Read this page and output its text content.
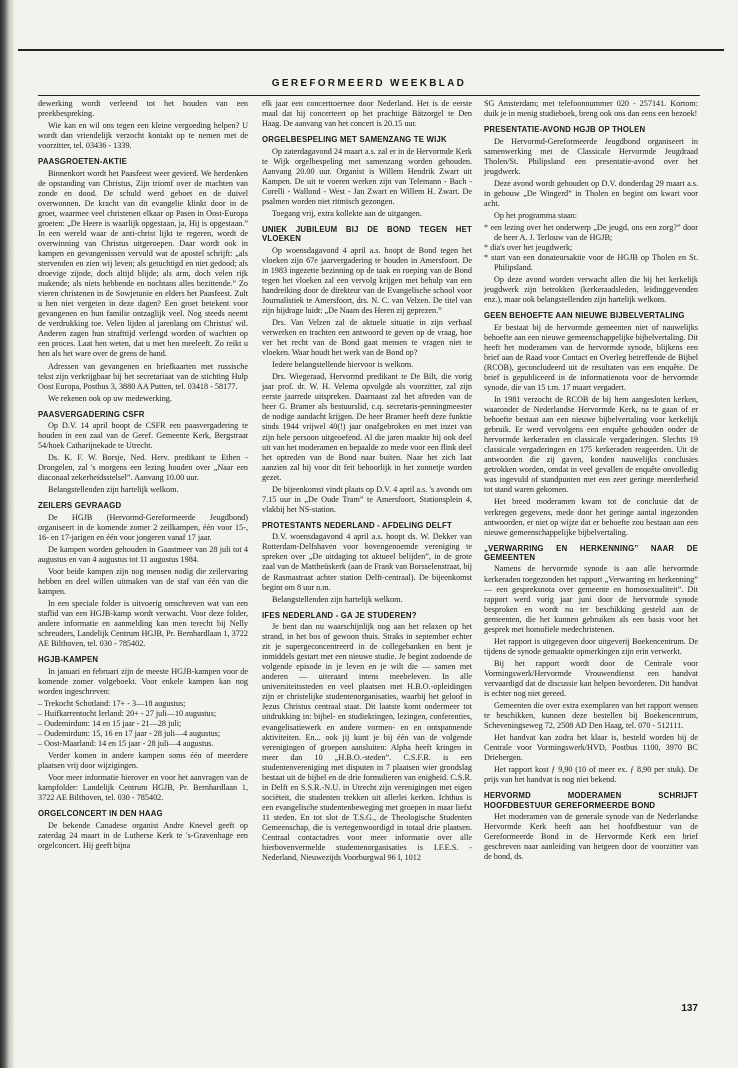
GEREFORMEERD WEEKBLAD

dewerking wordt verleend tot het houden van een preekbespreking.

Wie kan en wil ons tegen een kleine vergoeding helpen? U wordt dan vriendelijk verzocht kontakt op te nemen met de voorzitter, tel. 03436 - 1339.

PAASGROETEN-AKTIE

Binnenkort wordt het Paasfeest weer gevierd. We herdenken de opstanding van Christus, Zijn triomf over de machten van zonde en dood. De schuld werd geboet en de duivel overwonnen. De kracht van dit evangelie klinkt door in de groet, waarmee veel christenen elkaar op Pasen in Oost-Europa groeten: „De Heere is waarlijk opgestaan, ja, Hij is opgestaan.” In een wereld waar de anti-christ lijkt te regeren, wordt de overwinning van Christus uitgeroepen. Daar wordt ook in kampen en gevangenissen vervuld wat de apostel schrijft: „als stervenden en zien wij leven; als getuchtigd en niet gedood; als droevige zijnde, doch altijd blijde; als arm, doch velen rijk makende; als niets hebbende en nochtans alles bezittende.” Zo vieren christenen in de Sowjetunie en elders het Paasfeest. Zult u hen niet vergeten in deze dagen? Een groet betekent voor gevangenen en hun familie ontzaglijk veel. Nog steeds neemt de verdrukking toe. Velen lijden al jarenlang om Christus' wil. Anderen zagen hun strafttijd verlengd worden of wachten op een proces. Laat hen weten, dat u met hen meeleeft. Zo reikt u hen als het ware over de grens de hand.

Adressen van gevangenen en briefkaarten met russische tekst zijn verkrijgbaar bij het secretariaat van de stichting Hulp Oost Europa, Postbus 3, 3880 AA Putten, tel. 03418 - 58177.

We rekenen ook op uw medewerking.

PAASVERGADERING CSFR

Op D.V. 14 april hoopt de CSFR een paasvergadering te houden in een zaal van de Geref. Gemeente Kerk, Bergstraat 54/hoek Catharijnekade te Utrecht.

Ds. K. F. W. Borsje, Ned. Herv. predikant te Ethen - Drongelen, zal 's morgens een lezing houden over „Naar een diaconaal zekerheidsstelsel”. Aanvang 10.00 uur.

Belangstellenden zijn hartelijk welkom.

ZEILERS GEVRAAGD

De HGJB (Hervormd-Gereformeerde Jeugdbond) organiseert in de komende zomer 2 zeilkampen, één voor 15-, 16- en 17-jarigen en één voor jongeren vanaf 17 jaar.

De kampen worden gehouden in Gaastmeer van 28 juli tot 4 augustus en van 4 augustus tot 11 augustus 1984.

Voor beide kampen zijn nog mensen nodig die zeilervaring hebben en deel willen uitmaken van de staf van één van die kampen.

In een speciale folder is uitvoerig omschreven wat van een staflid van een HGJB-kamp wordt verwacht. Voor deze folder, andere informatie en aanmelding kan men terecht bij Nelly schreuders, Landelijk Centrum HGJB, Pr. Bernhardlaan 1, 3722 AE Bilthoven, tel. 030 - 785402.

HGJB-KAMPEN

In januari en februari zijn de meeste HGJB-kampen voor de komende zomer volgeboekt. Voor enkele kampen kan nog worden ingeschreven:

– Trekocht Schotland: 17+ - 3—18 augustus;
– Huifkarrentocht Ierland: 20+ - 27 juli—10 augustus;
– Oudemirdum: 14 en 15 jaar - 21—28 juli;
– Oudemirdum: 15, 16 en 17 jaar - 28 juli—4 augustus;
– Oost-Maarland: 14 en 15 jaar - 28 juli—4 augustus.

Verder komen in andere kampen soms één of meerdere plaatsen vrij door wijzigingen.

Voor meer informatie hierover en voor het aanvragen van de kampfolder: Landelijk Centrum HGJB, Pr. Bernhardlaan 1, 3722 AE Bilthoven, tel. 030 - 785402.

ORGELCONCERT IN DEN HAAG

De bekende Canadese organist Andre Knevel geeft op zaterdag 24 maart in de Lutherse Kerk te 's-Gravenhage een orgelconcert. Hij geeft bijna

elk jaar een concerttoernee door Nederland. Het is de eerste maal dat hij concerteert op het prachtige Bätzorgel te Den Haag. De aanvang van het concert is 20.15 uur.

ORGELBESPELING MET SAMENZANG TE WIJK

Op zaterdagavond 24 maart a.s. zal er in de Hervormde Kerk te Wijk orgelbespeling met samenzang worden gehouden. Aanvang 20.00 uur. Organist is Willem Hendrik Zwart uit Kampen. De uit te voeren werken zijn van Telemann - Bach - Corelli - Wallond - West - Jan Zwart en Willem H. Zwart. De psalmen worden niet ritmisch gezongen.

Toegang vrij, extra kollekte aan de uitgangen.

UNIEK JUBILEUM BIJ DE BOND TEGEN HET VLOEKEN

Op woensdagavond 4 april a.s. hoopt de Bond tegen het vloeken zijn 67e jaarvergadering te houden in Amersfoort. De in 1983 ingezette bezinning op de taak en roeping van de Bond tegen het vloeken zal een vervolg krijgen met behulp van een handreiking door de direkteur van de Evangelische school voor Journalistiek te Amersfoort, drs. N. C. van Velzen. De titel van zijn bijdrage luidt: „De Naam des Heren zij geprezen.”

Drs. Van Velzen zal de aktuele situatie in zijn verhaal verwerken en trachten een antwoord te geven op de vraag, hoe ver het recht van de Bond gaat mensen te vragen niet te vloeken. Waar houdt het werk van de Bond op?

Iedere belangstellende hiervoor is welkom.

Drs. Wiegeraad, Hervormd predikant te De Bilt, die vorig jaar prof. dr. W. H. Velema opvolgde als voorzitter, zal zijn eerste jaarrede uitspreken. Daarnaast zal het aftreden van de heer G. Bramer als bestuurslid, c.q. secretaris-penningmeester de nodige aandacht krijgen. De heer Bramer heeft deze funktie sinds 1944 vrijwel 40(!) jaar onafgebroken en met inzet van zijn hele persoon uitgeoefend. Al die jaren maakte hij ook deel uit van het moderamen en bepaalde zo mede voor een flink deel het optreden van de Bond naar buiten. Naar het zich laat aanzien zal hij voor dit feit behoorlijk in het zonnetje worden gezet.

De bijeenkomst vindt plaats op D.V. 4 april a.s. 's avonds om 7.15 uur in „De Oude Tram” te Amersfoort, Stationsplein 4, vlakbij het NS-station.

PROTESTANTS NEDERLAND - AFDELING DELFT

D.V. woensdagavond 4 april a.s. hoopt ds. W. Dekker van Rotterdam-Delfshaven voor bovengenoemde vereniging te spreken over „De uitdaging tot aktueel belijden”, in de grote zaal van de Mattheüskerk (aan de Frank van Borsselenstraat, bij de Rasmastraat achter station Delft-centraal). De bijeenkomst begint om 8 uur n.m.

Belangstellenden zijn hartelijk welkom.

IFES NEDERLAND - GA JE STUDEREN?

Je bent dan nu waarschijnlijk nog aan het relaxen op het strand, in het bos of gewoon thuis. Straks in september echter zit je supergeconcentreerd in de collegebanken en bent je inmiddels gestart met een nieuwe studie. Je begint zodoende de volgende episode in je leven en je wilt die — samen met anderen — uiteraard intens meebeleven. In alle universiteitssteden en veel plaatsen met H.B.O.-opleidingen zijn er christelijke studentenorganisaties, waarbij het geloof in Jezus Christus centraal staat. Dit laatste komt ondermeer tot uitdrukking in: bijbel- en studiekringen, lezingen, conferenties, evangelisatiewerk en andere vormen- en en ontspannende aktiviteiten. En... ook jij kunt je bij één van de volgende verenigingen of groepen aansluiten: Alpha heeft kringen in meer dan 10 „H.B.O.-steden”. C.S.F.R. is een studentenvereniging met disputen in 7 plaatsen wier grondslag bestaat uit de bijbel en de drie formulieren van enigheid. C.S.R. in Delft en S.S.R.-N.U. in Utrecht zijn verenigingen met eigen sociëteit, die studenten trekken uit allerlei kerken. Ichthus is een evangelische studentenbeweging met groepen in maar liefst 11 steden. En tot slot de T.S.G., de Theologische Studenten Gemeenschap, die is vertegenwoordigd in totaal drie plaatsen. Centraal contactadres voor meer informatie over alle hierbovenvermelde studentenorganisaties is I.F.E.S. - Nederland, Nieuwezijds Voorburgwal 96 I, 1012

SG Amsterdam; met telefoonnummer 020 - 257141. Kortom: duik je in menig studieboek, breng ook ons dan eens een bezoek!

PRESENTATIE-AVOND HGJB OP THOLEN

De Hervormd-Gereformeerde Jeugdbond organiseert in samenwerking met de Classicale Hervormde Jeugdraad Tholen/St. Philipsland een presentatie-avond over het jeugdwerk.

Deze avond wordt gehouden op D.V. donderdag 29 maart a.s. in gebouw „De Wingerd” in Tholen en begint om kwart voor acht.

Op het programma staan:

* een lezing over het onderwerp „De jeugd, ons een zorg?” door de heer A. J. Terlouw van de HGJB;
* dia's over het jeugdwerk;
* start van een donateursaktie voor de HGJB op Tholen en St. Philipsland.

Op deze avond worden verwacht allen die bij het kerkelijk jeugdwerk zijn betrokken (kerkeraadsleden, leidinggevenden enz.), maar ook belangstellenden zijn hartelijk welkom.

GEEN BEHOEFTE AAN NIEUWE BIJBELVERTALING

Er bestaat bij de hervormde gemeenten niet of nauwelijks behoefte aan een nieuwe gemeenschappelijke bijbelvertaling. Dit heeft het moderamen van de hervormde synode, blijkens een brief aan de Raad voor Contact en Overleg betreffende de Bijbel (RCOB), geconcludeerd uit de resultaten van een enquête. De brief is gepubliceerd in de informatienota voor de hervormde synode, die van 15 t.m. 17 maart vergadert.

In 1981 verzocht de RCOB de bij hem aangesloten kerken, waaronder de Nederlandse Hervormde Kerk, na te gaan of er behoefte bestaat aan een nieuwe bijbelvertaling voor kerkelijk gebruik. Er werd vervolgens een enquête gehouden onder de hervormde kerkeraden en classicale vergaderingen. Slechts 19 classicale vergaderingen en 175 kerkeraden reageerden. Uit de antwoorden die zij gaven, konden nauwelijks conclusies getrokken worden, omdat in veel gevallen de enquête onvolledig was ingevuld of standpunten met een zeer geringe meerderheid tot stand waren gekomen.

Het breed moderamen kwam tot de conclusie dat de verkregen gegevens, mede door het geringe aantal ingezonden antwoorden, er niet op wijze dat er behoefte zou bestaan aan een nieuwe gemeenschappelijke bijbelvertaling.

„VERWARRING EN HERKENNING” NAAR DE GEMEENTEN

Namens de hervormde synode is aan alle hervormde kerkeraden toegezonden het rapport „Verwarring en herkenning” — een gespreksnota over gemeente en homosexualiteit”. Dit rapport werd vorig jaar juni door de hervormde synode besproken en wordt nu ter beschikking gesteld aan de gemeenten, die het kunnen gebruiken als een basis voor het gesprek met homofiele medechristenen.

Het rapport is uitgegeven door uitgeverij Boekencentrum. De tijdens de synode gemaakte opmerkingen zijn erin verwerkt.

Bij het rapport wordt door de Centrale voor Vormingswerk/Hervormde Vrouwendienst een handvat vervaardigd dat de discussie kan helpen bevorderen. Dit handvat is echter nog niet gereed.

Gemeenten die over extra exemplaren van het rapport wensen te beschikken, kunnen deze bestellen bij Boekencentrum, Scheveningseweg 72, 2508 AD Den Haag, tel. 070 - 512111.

Het handvat kan zodra het klaar is, besteld worden bij de Centrale voor Vormingswerk/HVD, Postbus 1100, 3970 BC Driebergen.

Het rapport kost ƒ 9,90 (10 of meer ex. ƒ 8,90 per stuk). De prijs van het handvat is nog niet bekend.

HERVORMD MODERAMEN SCHRIJFT HOOFDBESTUUR GEREFORMEERDE BOND

Het moderamen van de generale synode van de Nederlandse Hervormde Kerk heeft aan het hoofdbestuur van de Gereformeerde Bond in de Hervormde Kerk een brief geschreven naar aanleiding van hetgeen door de voorzitter van de bond, ds.

137
